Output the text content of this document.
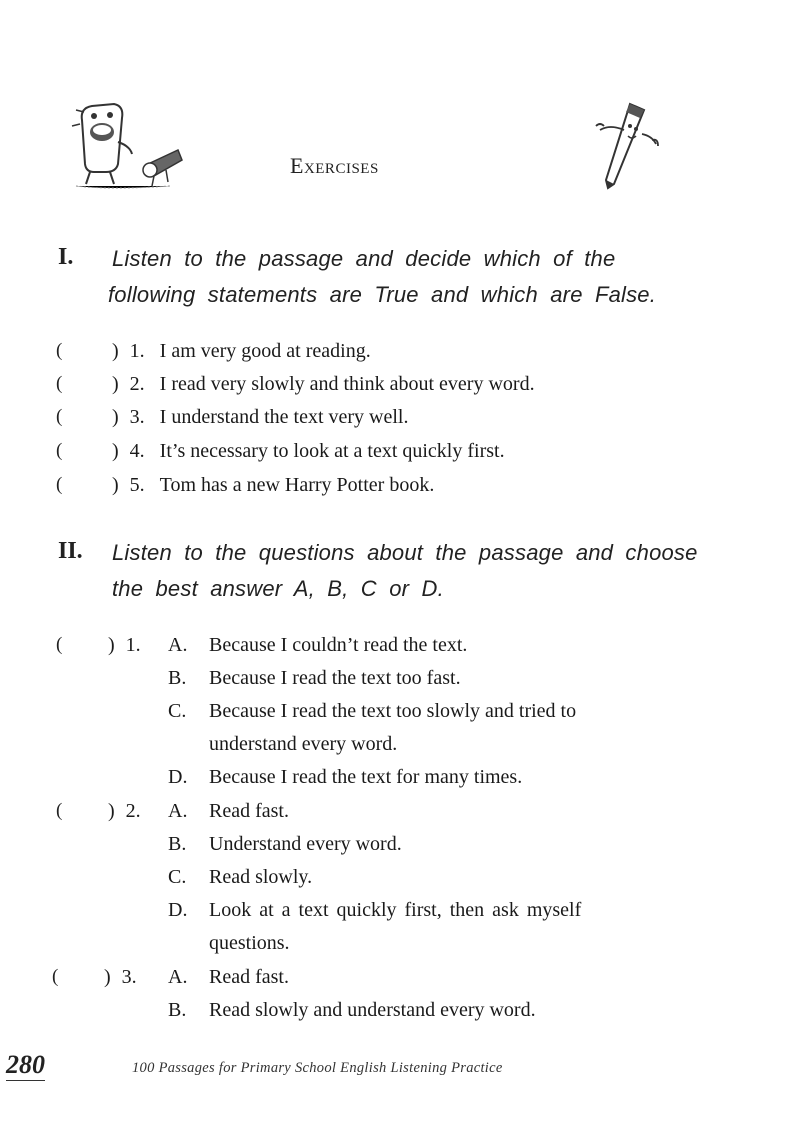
Exercises
I. Listen to the passage and decide which of the
following statements are True and which are False.
( ) 1. I am very good at reading.
( ) 2. I read very slowly and think about every word.
( ) 3. I understand the text very well.
( ) 4. It’s necessary to look at a text quickly first.
( ) 5. Tom has a new Harry Potter book.
II. Listen to the questions about the passage and choose
the best answer A, B, C or D.
( ) 1. A. Because I couldn’t read the text.
B. Because I read the text too fast.
C. Because I read the text too slowly and tried to
understand every word.
D. Because I read the text for many times.
( ) 2. A. Read fast.
B. Understand every word.
C. Read slowly.
D. Look at a text quickly first, then ask myself
questions.
( ) 3. A. Read fast.
B. Read slowly and understand every word.
280	100 Passages for Primary School English Listening Practice
